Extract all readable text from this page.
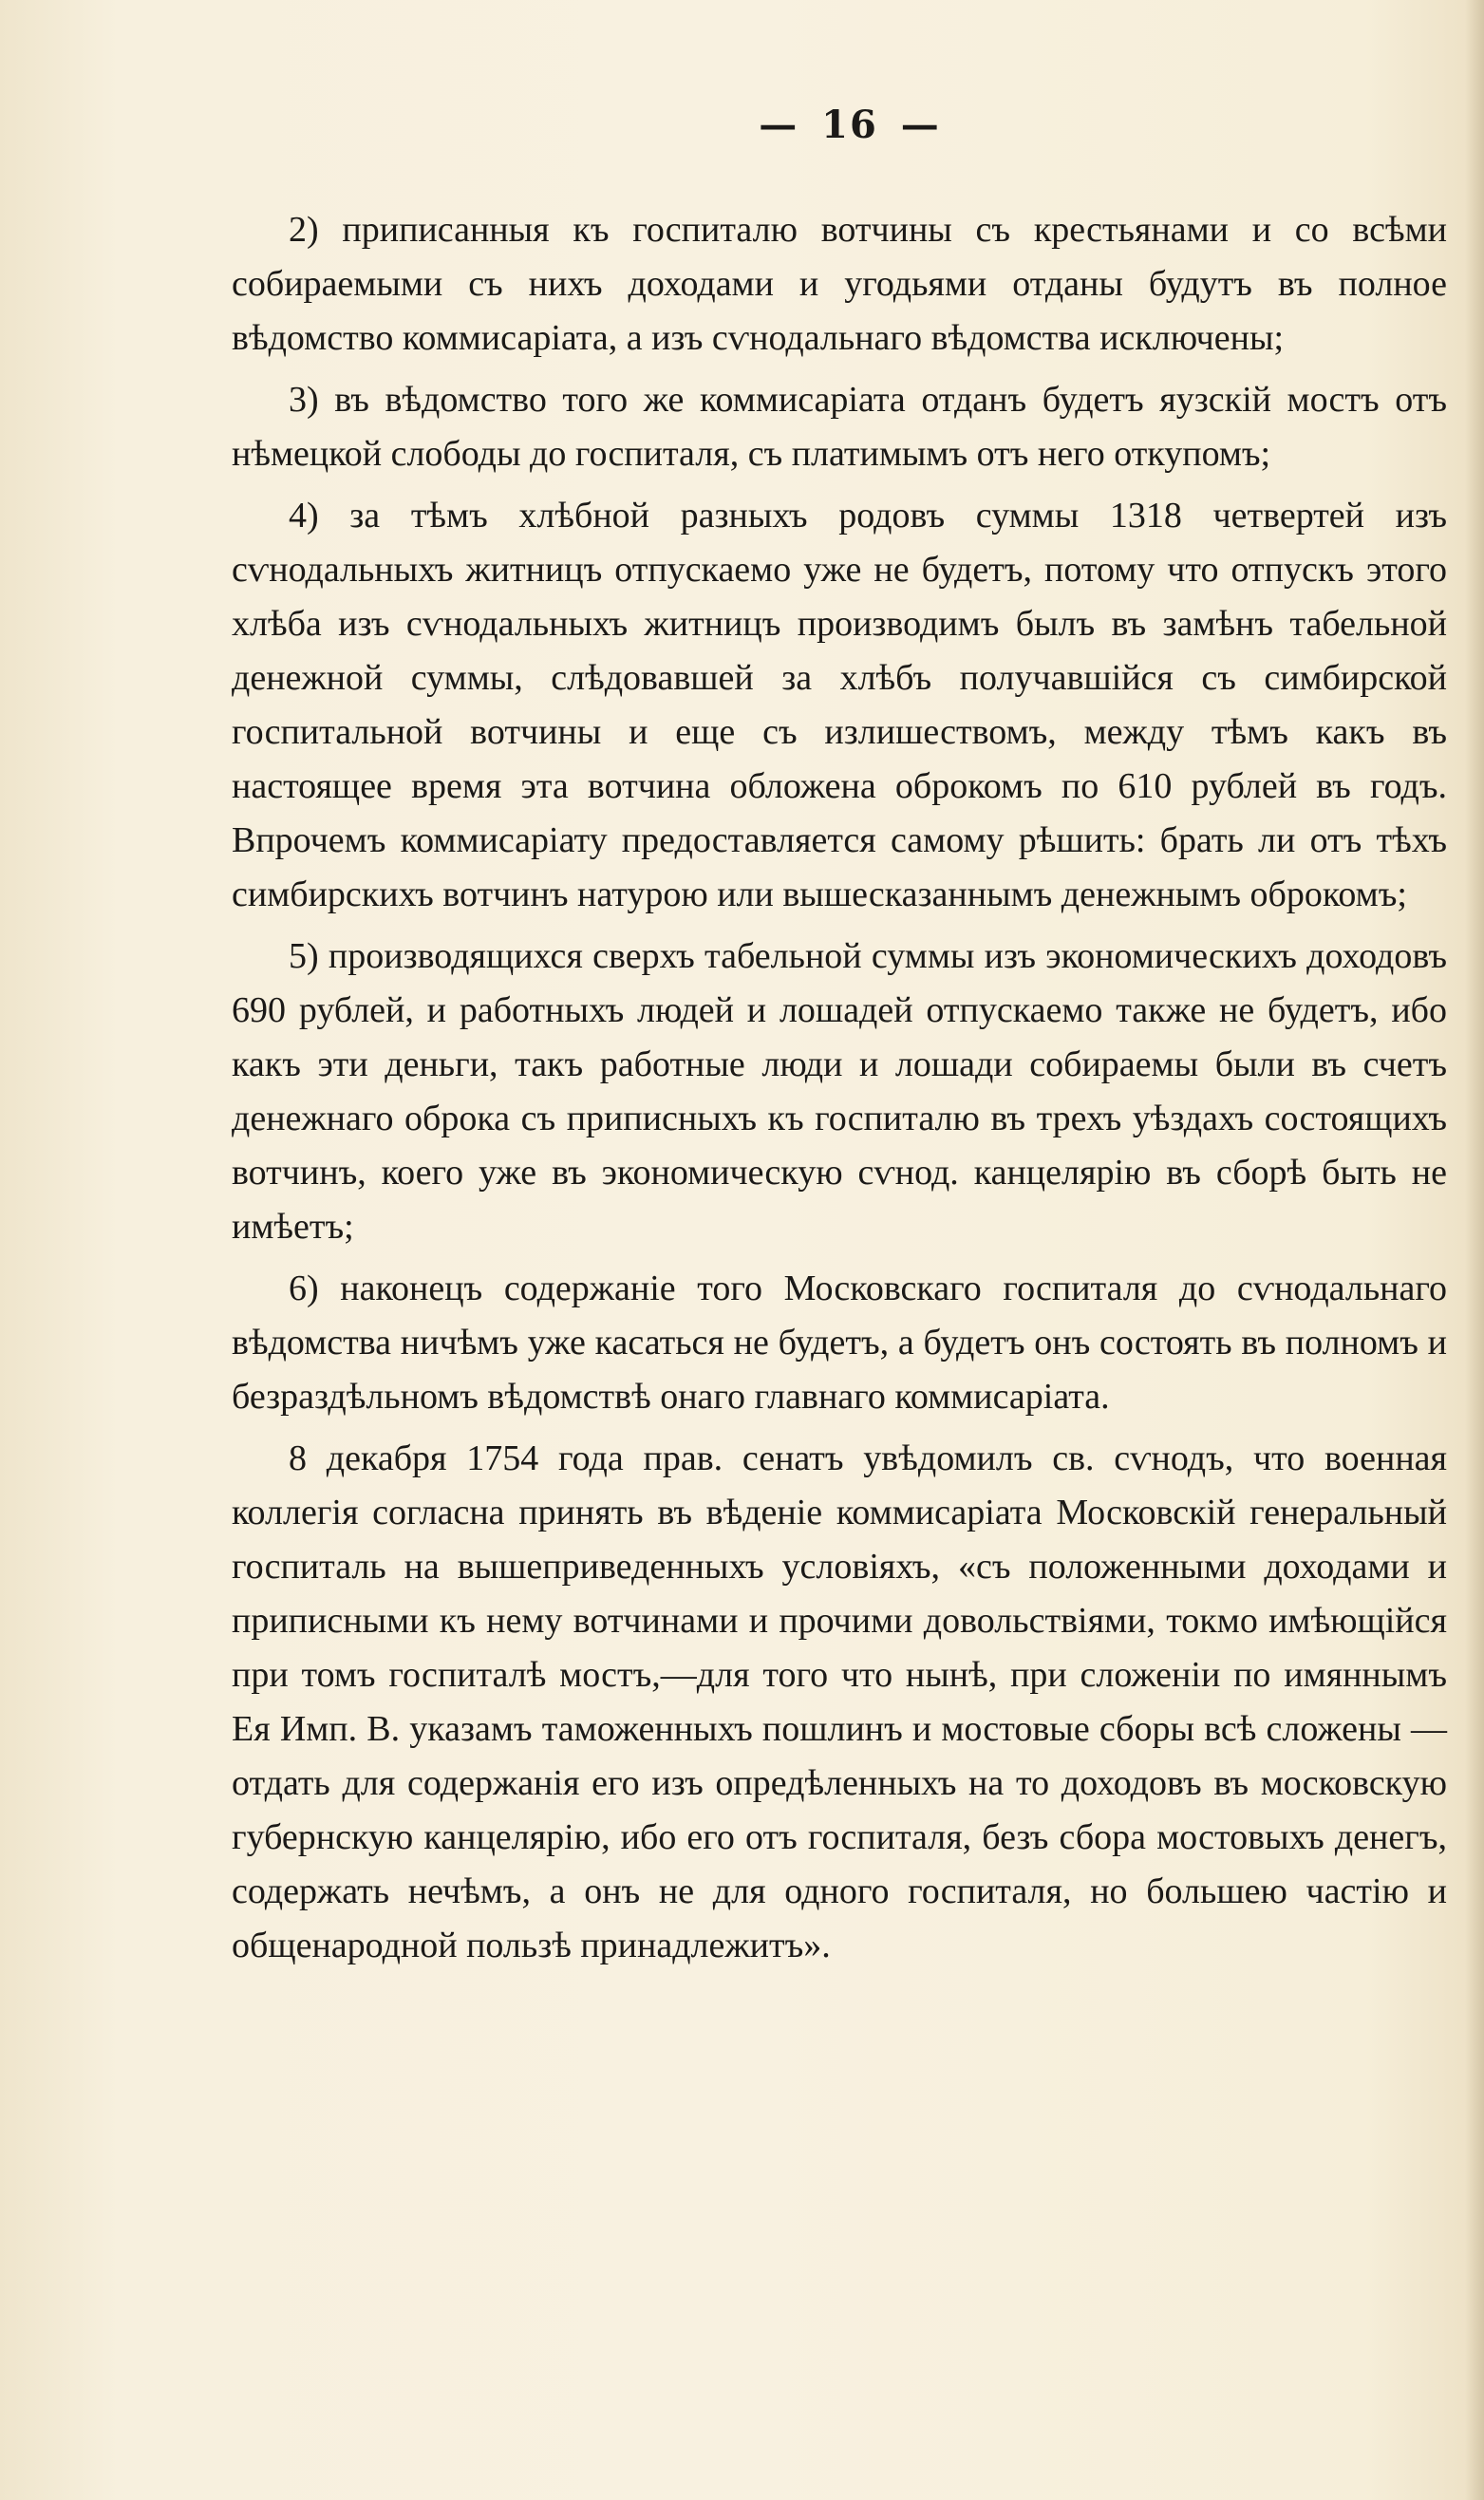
— 16 —

2) приписанныя къ госпиталю вотчины съ крестьянами и со всѣми собираемыми съ нихъ доходами и угодьями отданы будутъ въ полное вѣдомство коммисаріата, а изъ сѵнодальнаго вѣдомства исключены;

3) въ вѣдомство того же коммисаріата отданъ будетъ яузскій мостъ отъ нѣмецкой слободы до госпиталя, съ платимымъ отъ него откупомъ;

4) за тѣмъ хлѣбной разныхъ родовъ суммы 1318 четвертей изъ сѵнодальныхъ житницъ отпускаемо уже не будетъ, потому что отпускъ этого хлѣба изъ сѵнодальныхъ житницъ производимъ былъ въ замѣнъ табельной денежной суммы, слѣдовавшей за хлѣбъ получавшійся съ симбирской госпитальной вотчины и еще съ излишествомъ, между тѣмъ какъ въ настоящее время эта вотчина обложена оброкомъ по 610 рублей въ годъ. Впрочемъ коммисаріату предоставляется самому рѣшить: брать ли отъ тѣхъ симбирскихъ вотчинъ натурою или вышесказаннымъ денежнымъ оброкомъ;

5) производящихся сверхъ табельной суммы изъ экономическихъ доходовъ 690 рублей, и работныхъ людей и лошадей отпускаемо также не будетъ, ибо какъ эти деньги, такъ работные люди и лошади собираемы были въ счетъ денежнаго оброка съ приписныхъ къ госпиталю въ трехъ уѣздахъ состоящихъ вотчинъ, коего уже въ экономическую сѵнод. канцелярію въ сборѣ быть не имѣетъ;

6) наконецъ содержаніе того Московскаго госпиталя до сѵнодальнаго вѣдомства ничѣмъ уже касаться не будетъ, а будетъ онъ состоять въ полномъ и безраздѣльномъ вѣдомствѣ онаго главнаго коммисаріата.

8 декабря 1754 года прав. сенатъ увѣдомилъ св. сѵнодъ, что военная коллегія согласна принять въ вѣденіе коммисаріата Московскій генеральный госпиталь на вышеприведенныхъ условіяхъ, «съ положенными доходами и приписными къ нему вотчинами и прочими довольствіями, токмо имѣющійся при томъ госпиталѣ мостъ,—для того что нынѣ, при сложеніи по имяннымъ Ея Имп. В. указамъ таможенныхъ пошлинъ и мостовые сборы всѣ сложены — отдать для содержанія его изъ опредѣленныхъ на то доходовъ въ московскую губернскую канцелярію, ибо его отъ госпиталя, безъ сбора мостовыхъ денегъ, содержать нечѣмъ, а онъ не для одного госпиталя, но большею частію и общенародной пользѣ принадлежитъ».
